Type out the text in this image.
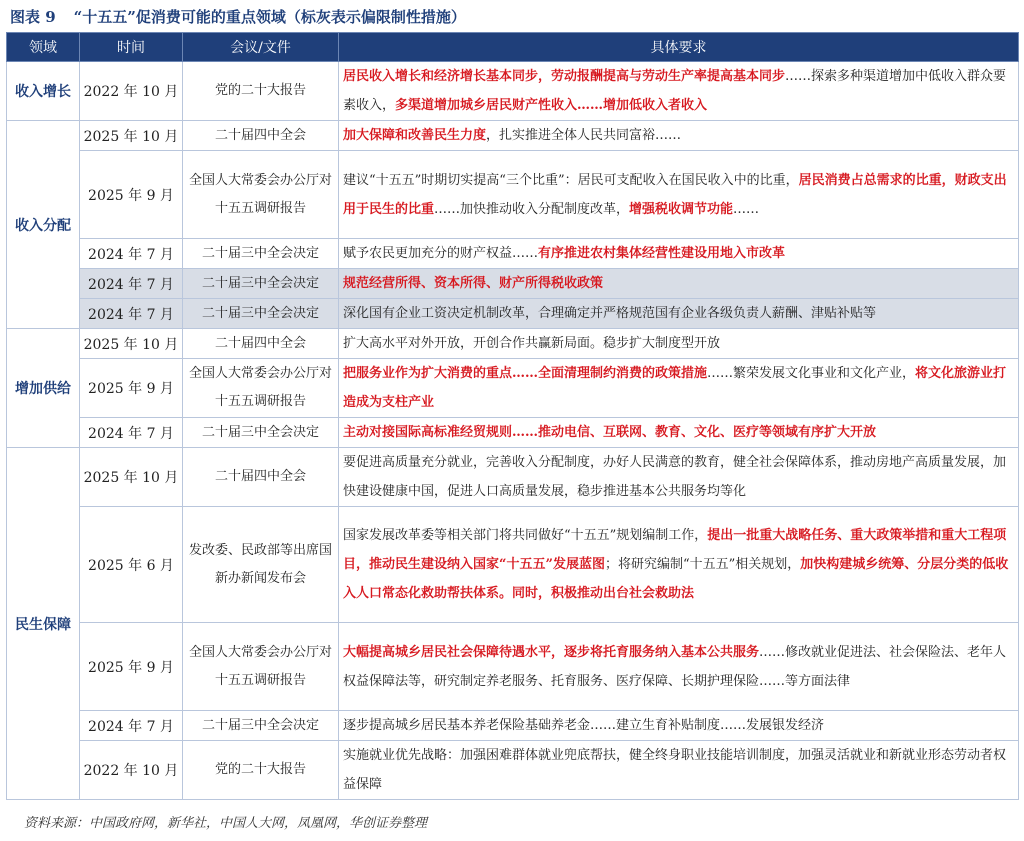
图表 9 “十五五”促消费可能的重点领域（标灰表示偏限制性措施）
领域	时间	会议/文件	具体要求
收入增长	2022 年 10 月	党的二十大报告	居民收入增长和经济增长基本同步，劳动报酬提高与劳动生产率提高基本同步……探索多种渠道增加中低收入群众要素收入，多渠道增加城乡居民财产性收入……增加低收入者收入
收入分配	2025 年 10 月	二十届四中全会	加大保障和改善民生力度，扎实推进全体人民共同富裕……
	2025 年 9 月	全国人大常委会办公厅对十五五调研报告	建议“十五五”时期切实提高“三个比重”：居民可支配收入在国民收入中的比重，居民消费占总需求的比重，财政支出用于民生的比重……加快推动收入分配制度改革，增强税收调节功能……
	2024 年 7 月	二十届三中全会决定	赋予农民更加充分的财产权益……有序推进农村集体经营性建设用地入市改革
	2024 年 7 月	二十届三中全会决定	规范经营所得、资本所得、财产所得税收政策
	2024 年 7 月	二十届三中全会决定	深化国有企业工资决定机制改革，合理确定并严格规范国有企业各级负责人薪酬、津贴补贴等
增加供给	2025 年 10 月	二十届四中全会	扩大高水平对外开放，开创合作共赢新局面。稳步扩大制度型开放
	2025 年 9 月	全国人大常委会办公厅对十五五调研报告	把服务业作为扩大消费的重点……全面清理制约消费的政策措施……繁荣发展文化事业和文化产业，将文化旅游业打造成为支柱产业
	2024 年 7 月	二十届三中全会决定	主动对接国际高标准经贸规则……推动电信、互联网、教育、文化、医疗等领域有序扩大开放
民生保障	2025 年 10 月	二十届四中全会	要促进高质量充分就业，完善收入分配制度，办好人民满意的教育，健全社会保障体系，推动房地产高质量发展，加快建设健康中国，促进人口高质量发展，稳步推进基本公共服务均等化
	2025 年 6 月	发改委、民政部等出席国新办新闻发布会	国家发展改革委等相关部门将共同做好“十五五”规划编制工作，提出一批重大战略任务、重大政策举措和重大工程项目，推动民生建设纳入国家“十五五”发展蓝图；将研究编制“十五五”相关规划，加快构建城乡统筹、分层分类的低收入人口常态化救助帮扶体系。同时，积极推动出台社会救助法
	2025 年 9 月	全国人大常委会办公厅对十五五调研报告	大幅提高城乡居民社会保障待遇水平，逐步将托育服务纳入基本公共服务……修改就业促进法、社会保险法、老年人权益保障法等，研究制定养老服务、托育服务、医疗保障、长期护理保险……等方面法律
	2024 年 7 月	二十届三中全会决定	逐步提高城乡居民基本养老保险基础养老金……建立生育补贴制度……发展银发经济
	2022 年 10 月	党的二十大报告	实施就业优先战略：加强困难群体就业兜底帮扶，健全终身职业技能培训制度，加强灵活就业和新就业形态劳动者权益保障
资料来源：中国政府网，新华社，中国人大网，凤凰网，华创证券整理
